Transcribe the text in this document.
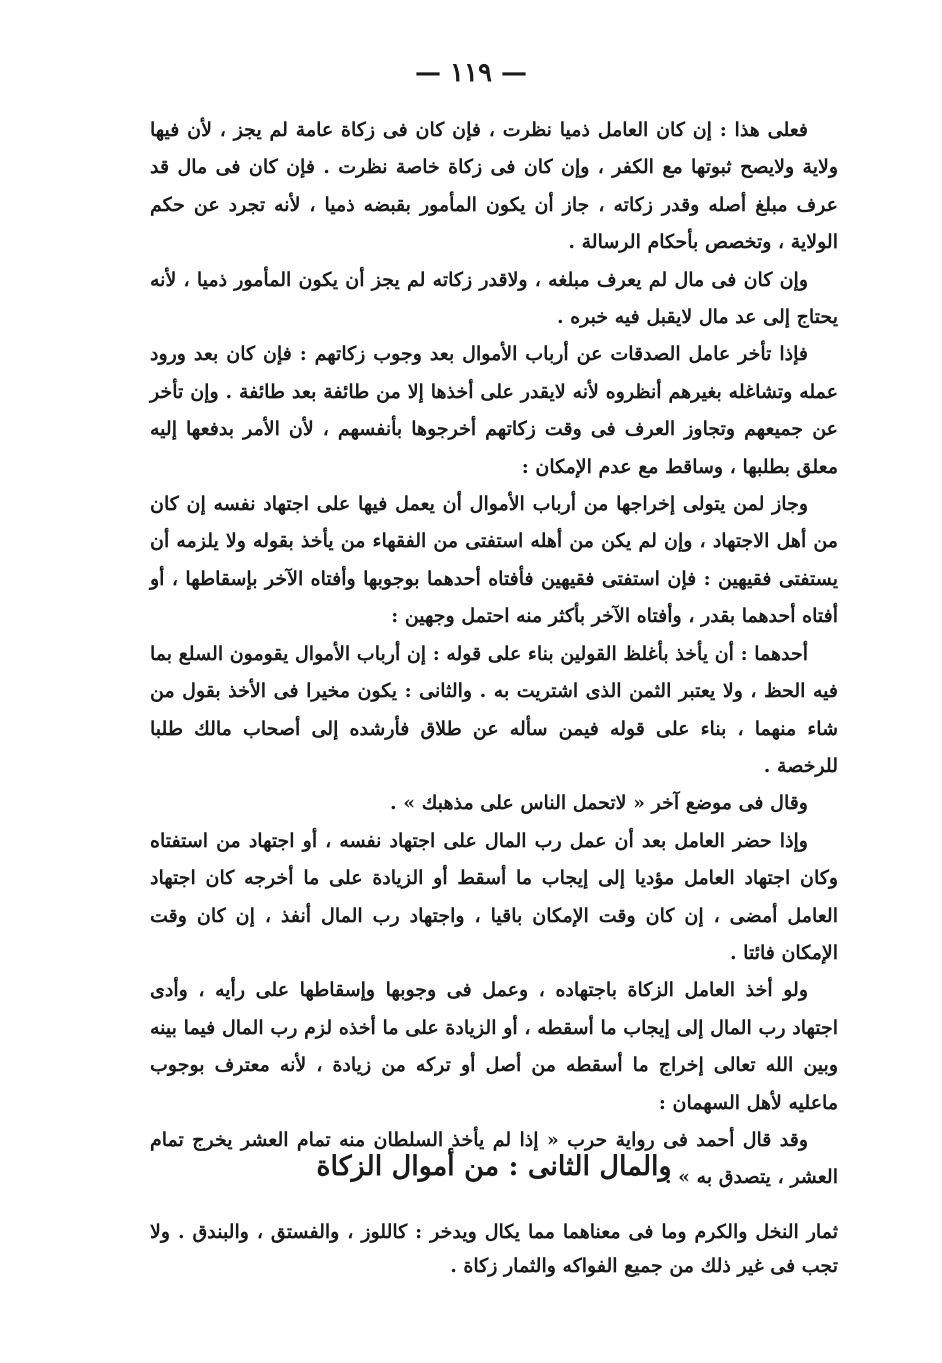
— ١١٩ —

فعلى هذا : إن كان العامل ذميا نظرت ، فإن كان فى زكاة عامة لم يجز ، لأن فيها ولاية ولايصح ثبوتها مع الكفر ، وإن كان فى زكاة خاصة نظرت . فإن كان فى مال قد عرف مبلغ أصله وقدر زكاته ، جاز أن يكون المأمور بقبضه ذميا ، لأنه تجرد عن حكم الولاية ، وتخصص بأحكام الرسالة .

وإن كان فى مال لم يعرف مبلغه ، ولاقدر زكاته لم يجز أن يكون المأمور ذميا ، لأنه يحتاج إلى عد مال لايقبل فيه خبره .

فإذا تأخر عامل الصدقات عن أرباب الأموال بعد وجوب زكاتهم : فإن كان بعد ورود عمله وتشاغله بغيرهم أنظروه لأنه لايقدر على أخذها إلا من طائفة بعد طائفة . وإن تأخر عن جميعهم وتجاوز العرف فى وقت زكاتهم أخرجوها بأنفسهم ، لأن الأمر بدفعها إليه معلق بطلبها ، وساقط مع عدم الإمكان :

وجاز لمن يتولى إخراجها من أرباب الأموال أن يعمل فيها على اجتهاد نفسه إن كان من أهل الاجتهاد ، وإن لم يكن من أهله استفتى من الفقهاء من يأخذ بقوله ولا يلزمه أن يستفتى فقيهين : فإن استفتى فقيهين فأفتاه أحدهما بوجوبها وأفتاه الآخر بإسقاطها ، أو أفتاه أحدهما بقدر ، وأفتاه الآخر بأكثر منه احتمل وجهين :

أحدهما : أن يأخذ بأغلظ القولين بناء على قوله : إن أرباب الأموال يقومون السلع بما فيه الحظ ، ولا يعتبر الثمن الذى اشتريت به . والثانى : يكون مخيرا فى الأخذ بقول من شاء منهما ، بناء على قوله فيمن سأله عن طلاق فأرشده إلى أصحاب مالك طلبا للرخصة .

وقال فى موضع آخر « لاتحمل الناس على مذهبك » .

وإذا حضر العامل بعد أن عمل رب المال على اجتهاد نفسه ، أو اجتهاد من استفتاه وكان اجتهاد العامل مؤديا إلى إيجاب ما أسقط أو الزيادة على ما أخرجه كان اجتهاد العامل أمضى ، إن كان وقت الإمكان باقيا ، واجتهاد رب المال أنفذ ، إن كان وقت الإمكان فائتا .

ولو أخذ العامل الزكاة باجتهاده ، وعمل فى وجوبها وإسقاطها على رأيه ، وأدى اجتهاد رب المال إلى إيجاب ما أسقطه ، أو الزيادة على ما أخذه لزم رب المال فيما بينه وبين الله تعالى إخراج ما أسقطه من أصل أو تركه من زيادة ، لأنه معترف بوجوب ماعليه لأهل السهمان :

وقد قال أحمد فى رواية حرب « إذا لم يأخذ السلطان منه تمام العشر يخرج تمام العشر ، يتصدق به » .

والمال الثانى : من أموال الزكاة
ثمار النخل والكرم وما فى معناهما مما يكال ويدخر : كاللوز ، والفستق ، والبندق . ولا تجب فى غير ذلك من جميع الفواكه والثمار زكاة .
